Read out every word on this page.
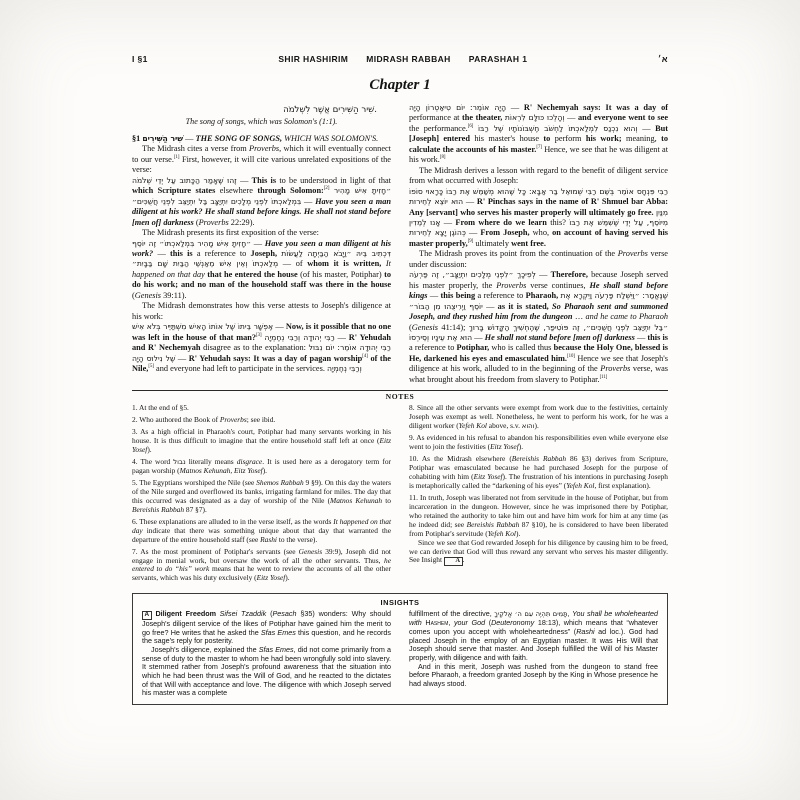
I §1	SHIR HASHIRIM MIDRASH RABBAH PARASHAH 1	א׳
Chapter 1
שִׁיר הַשִּׁירִים אֲשֶׁר לִשְׁלֹמֹה.
The song of songs, which was Solomon's (1:1).

§1 שִׁיר הַשִּׁירִים — THE SONG OF SONGS, WHICH WAS SOLOMON'S.

The Midrash cites a verse from Proverbs, which it will eventually connect to our verse.[1] First, however, it will cite various unrelated expositions of the verse:

זֶהוּ שֶׁאָמַר הַכָּתוּב עַל יְדֵי שְׁלֹמֹה — This is to be understood in light of that which Scripture states elsewhere through Solomon:[2] ״חָזִיתָ אִישׁ מָהִיר בִּמְלַאכְתּוֹ לִפְנֵי מְלָכִים יִתְיַצָּב בַּל יִתְיַצֵּב לִפְנֵי חֲשֻׁכִּים״ — Have you seen a man diligent at his work? He shall stand before kings. He shall not stand before [men of] darkness (Proverbs 22:29).

The Midrash presents its first exposition of the verse:

״חָזִיתָ אִישׁ מָהִיר בִּמְלַאכְתּוֹ״ זֶה יוֹסֵף — Have you seen a man diligent at his work? — this is a reference to Joseph, דִּכְתִיב בֵּיהּ ״וַיָּבֹא הַבַּיְתָה לַעֲשׂוֹת מְלַאכְתּוֹ וְאֵין אִישׁ מֵאַנְשֵׁי הַבַּיִת שָׁם בַּבָּיִת״ — of whom it is written, It happened on that day that he entered the house (of his master, Potiphar) to do his work; and no man of the household staff was there in the house (Genesis 39:11).

The Midrash demonstrates how this verse attests to Joseph's diligence at his work:

אֶפְשָׁר בֵּיתוֹ שֶׁל אוֹתוֹ הָאִישׁ מִשְׁתַּיֵּיר בְּלֹא אִישׁ — Now, is it possible that no one was left in the house of that man?[3] רַבִּי יְהוּדָה וְרַבִּי נְחֶמְיָה — R' Yehudah and R' Nechemyah disagree as to the explanation: רַבִּי יְהוּדָה אוֹמֵר: יוֹם נִבּוּל שֶׁל נִילוּס הָיָה — R' Yehudah says: It was a day of pagan worship[4] of the Nile,[5] and everyone had left to participate in the services. וְרַבִּי נְחֶמְיָה

הָיָה אוֹמֵר: יוֹם טִיאַטְרוֹן הָיָה — R' Nechemyah says: It was a day of performance at the theater, וְהָלְכוּ כּוּלָּם לִרְאוֹת — and everyone went to see the performance.[6] וְהוּא נִכְנַס לִמְלַאכְתּוֹ לַחְשֹׁב חֶשְׁבּוֹנוֹתָיו שֶׁל רַבּוֹ — But [Joseph] entered his master's house to perform his work; meaning, to calculate the accounts of his master.[7] Hence, we see that he was diligent at his work.[8]

The Midrash derives a lesson with regard to the benefit of diligent service from what occurred with Joseph:

רַבִּי פִּנְחָס אוֹמֵר בְּשֵׁם רַבִּי שְׁמוּאֵל בַּר אַבָּא: כָּל שֶׁהוּא מְשַׁמֵּשׁ אֶת רַבּוֹ כָּרָאוּי סוֹפוֹ הוּא יוֹצֵא לְחֵירוּת — R' Pinchas says in the name of R' Shmuel bar Abba: Any [servant] who serves his master properly will ultimately go free. מִנַּיִן אָנוּ לְמֵדִין — From where do we learn this? מִיּוֹסֵף, עַל יְדֵי שֶׁשִּׁמֵּשׁ אֶת רַבּוֹ כְּהוֹגֶן יָצָא לְחֵירוּת — From Joseph, who, on account of having served his master properly,[9] ultimately went free.

The Midrash proves its point from the continuation of the Proverbs verse under discussion:

לְפִיכָךְ ״לִפְנֵי מְלָכִים יִתְיַצָּב״, זֶה פַּרְעֹה — Therefore, because Joseph served his master properly, the Proverbs verse continues, He shall stand before kings — this being a reference to Pharaoh, שֶׁנֶּאֱמַר: ״וַיִּשְׁלַח פַּרְעֹה וַיִּקְרָא אֶת יוֹסֵף וַיְרִיצֻהוּ מִן הַבּוֹר״ — as it is stated, So Pharaoh sent and summoned Joseph, and they rushed him from the dungeon … and he came to Pharaoh (Genesis 41:14); ״בַּל יִתְיַצֵּב לִפְנֵי חֲשֻׁכִּים״, זֶה פּוֹטִיפַר, שֶׁהֶחְשִׁיךְ הַקָּדוֹשׁ בָּרוּךְ הוּא אֶת עֵינָיו וְסֵירְסוֹ — He shall not stand before [men of] darkness — this is a reference to Potiphar, who is called thus because the Holy One, blessed is He, darkened his eyes and emasculated him.[10] Hence we see that Joseph's diligence at his work, alluded to in the beginning of the Proverbs verse, was what brought about his freedom from slavery to Potiphar.[11]

NOTES

1. At the end of §5.

2. Who authored the Book of Proverbs; see ibid.

3. As a high official in Pharaoh's court, Potiphar had many servants working in his house. It is thus difficult to imagine that the entire household staff left at once (Eitz Yosef).

4. The word נבול literally means disgrace. It is used here as a derogatory term for pagan worship (Matnos Kehunah, Eitz Yosef).

5. The Egyptians worshiped the Nile (see Shemos Rabbah 9 §9). On this day the waters of the Nile surged and overflowed its banks, irrigating farmland for miles. The day that this occurred was designated as a day of worship of the Nile (Matnos Kehunah to Bereishis Rabbah 87 §7).

6. These explanations are alluded to in the verse itself, as the words It happened on that day indicate that there was something unique about that day that warranted the departure of the entire household staff (see Rashi to the verse).

7. As the most prominent of Potiphar's servants (see Genesis 39:9), Joseph did not engage in menial work, but oversaw the work of all the other servants. Thus, he entered to do “his” work means that he went to review the accounts of all the other servants, which was his duty exclusively (Eitz Yosef).

8. Since all the other servants were exempt from work due to the festivities, certainly Joseph was exempt as well. Nonetheless, he went to perform his work, for he was a diligent worker (Yefeh Kol above, s.v. והוא).

9. As evidenced in his refusal to abandon his responsibilities even while everyone else went to join the festivities (Eitz Yosef).

10. As the Midrash elsewhere (Bereishis Rabbah 86 §3) derives from Scripture, Potiphar was emasculated because he had purchased Joseph for the purpose of cohabiting with him (Eitz Yosef). The frustration of his intentions in purchasing Joseph is metaphorically called the “darkening of his eyes” (Yefeh Kol, first explanation).

11. In truth, Joseph was liberated not from servitude in the house of Potiphar, but from incarceration in the dungeon. However, since he was imprisoned there by Potiphar, who retained the authority to take him out and have him work for him at any time (as he indeed did; see Bereishis Rabbah 87 §10), he is considered to have been liberated from Potiphar's servitude (Yefeh Kol).

Since we see that God rewarded Joseph for his diligence by causing him to be freed, we can derive that God will thus reward any servant who serves his master diligently. See Insight A .

INSIGHTS

A Diligent Freedom  Sifsei Tzaddik (Pesach §35) wonders: Why should Joseph's diligent service of the likes of Potiphar have gained him the merit to go free? He writes that he asked the Sfas Emes this question, and he records the sage's reply for posterity.

Joseph's diligence, explained the Sfas Emes, did not come primarily from a sense of duty to the master to whom he had been wrongfully sold into slavery. It stemmed rather from Joseph's profound awareness that the situation into which he had been thrust was the Will of God, and he reacted to the dictates of that Will with acceptance and love. The diligence with which Joseph served his master was a complete

fulfillment of the directive, תָּמִים תִּהְיֶה עִם ה׳ אֱלֹקֶיךָ, You shall be wholehearted with Hashem, your God (Deuteronomy 18:13), which means that “whatever comes upon you accept with wholeheartedness” (Rashi ad loc.). God had placed Joseph in the employ of an Egyptian master. It was His Will that Joseph should serve that master. And Joseph fulfilled the Will of his Master properly, with diligence and with faith.

And in this merit, Joseph was rushed from the dungeon to stand free before Pharaoh, a freedom granted Joseph by the King in Whose presence he had always stood.
